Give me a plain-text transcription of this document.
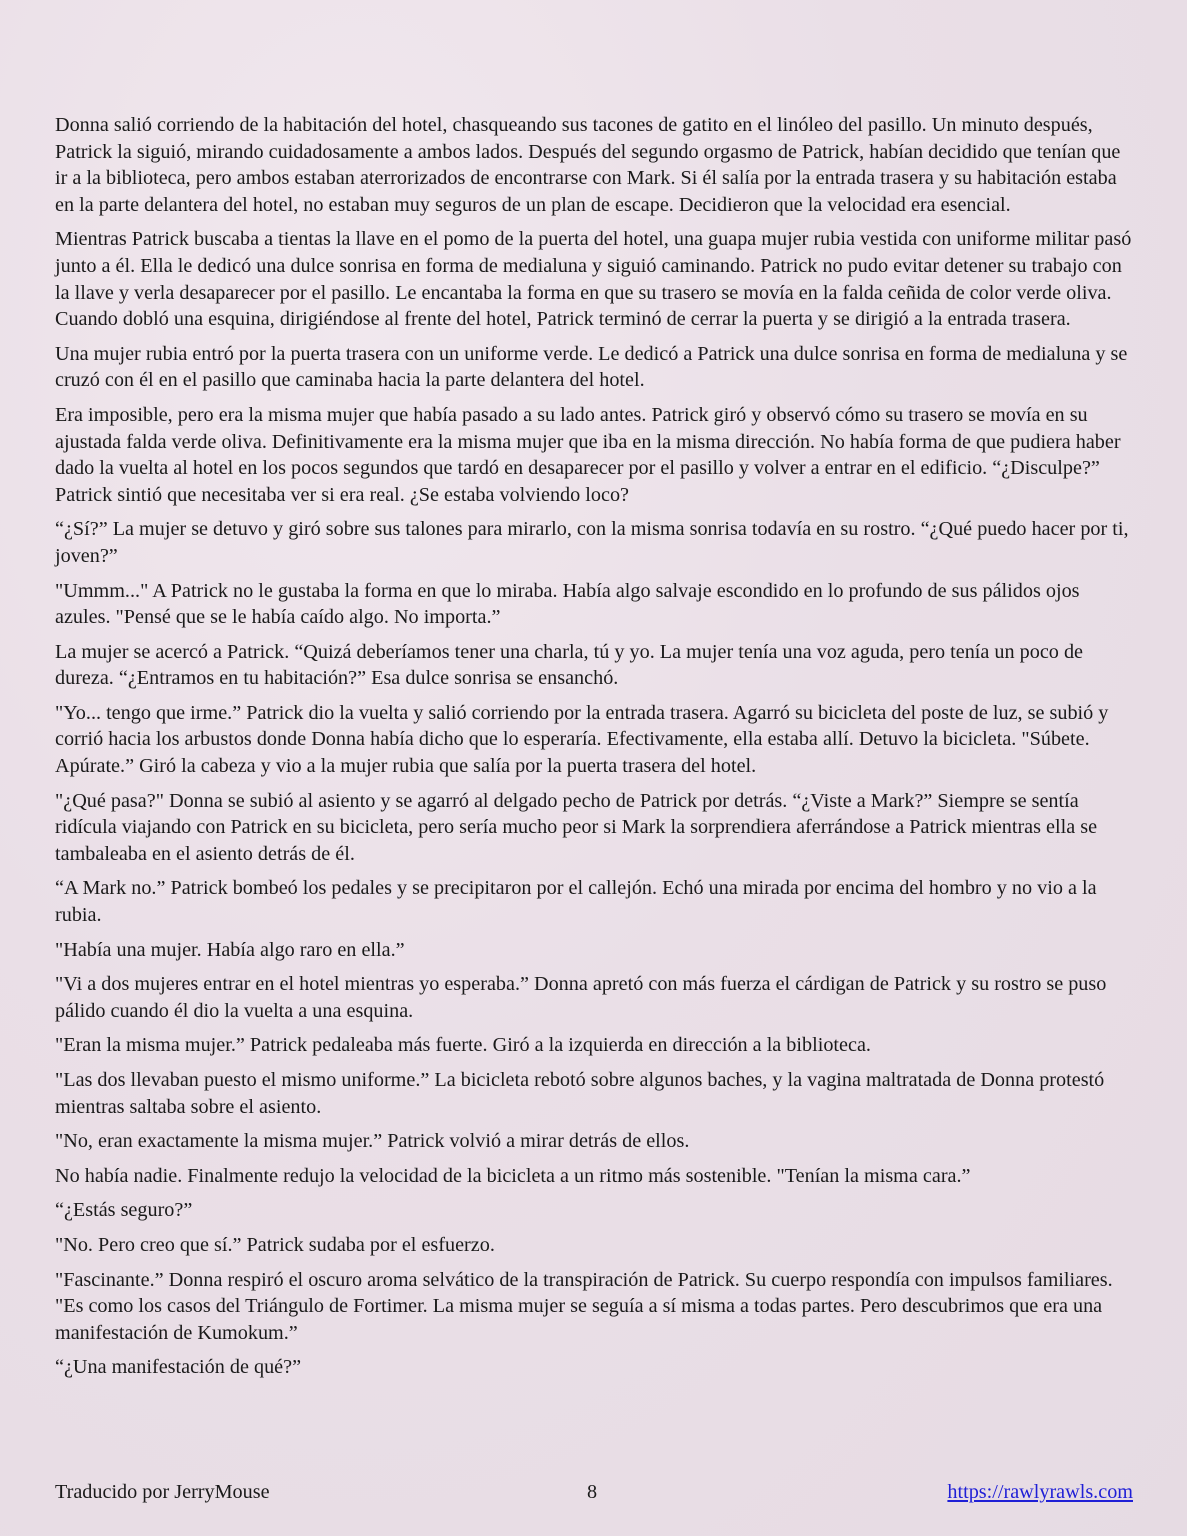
Donna salió corriendo de la habitación del hotel, chasqueando sus tacones de gatito en el linóleo del pasillo. Un minuto después, Patrick la siguió, mirando cuidadosamente a ambos lados. Después del segundo orgasmo de Patrick, habían decidido que tenían que ir a la biblioteca, pero ambos estaban aterrorizados de encontrarse con Mark. Si él salía por la entrada trasera y su habitación estaba en la parte delantera del hotel, no estaban muy seguros de un plan de escape. Decidieron que la velocidad era esencial.

Mientras Patrick buscaba a tientas la llave en el pomo de la puerta del hotel, una guapa mujer rubia vestida con uniforme militar pasó junto a él. Ella le dedicó una dulce sonrisa en forma de medialuna y siguió caminando. Patrick no pudo evitar detener su trabajo con la llave y verla desaparecer por el pasillo. Le encantaba la forma en que su trasero se movía en la falda ceñida de color verde oliva. Cuando dobló una esquina, dirigiéndose al frente del hotel, Patrick terminó de cerrar la puerta y se dirigió a la entrada trasera.

Una mujer rubia entró por la puerta trasera con un uniforme verde. Le dedicó a Patrick una dulce sonrisa en forma de medialuna y se cruzó con él en el pasillo que caminaba hacia la parte delantera del hotel.

Era imposible, pero era la misma mujer que había pasado a su lado antes. Patrick giró y observó cómo su trasero se movía en su ajustada falda verde oliva. Definitivamente era la misma mujer que iba en la misma dirección. No había forma de que pudiera haber dado la vuelta al hotel en los pocos segundos que tardó en desaparecer por el pasillo y volver a entrar en el edificio. “¿Disculpe?” Patrick sintió que necesitaba ver si era real. ¿Se estaba volviendo loco?

“¿Sí?” La mujer se detuvo y giró sobre sus talones para mirarlo, con la misma sonrisa todavía en su rostro. “¿Qué puedo hacer por ti, joven?”

"Ummm..." A Patrick no le gustaba la forma en que lo miraba. Había algo salvaje escondido en lo profundo de sus pálidos ojos azules. "Pensé que se le había caído algo. No importa.”

La mujer se acercó a Patrick. “Quizá deberíamos tener una charla, tú y yo. La mujer tenía una voz aguda, pero tenía un poco de dureza. “¿Entramos en tu habitación?” Esa dulce sonrisa se ensanchó.

"Yo... tengo que irme.” Patrick dio la vuelta y salió corriendo por la entrada trasera. Agarró su bicicleta del poste de luz, se subió y corrió hacia los arbustos donde Donna había dicho que lo esperaría. Efectivamente, ella estaba allí. Detuvo la bicicleta. "Súbete. Apúrate.” Giró la cabeza y vio a la mujer rubia que salía por la puerta trasera del hotel.

"¿Qué pasa?" Donna se subió al asiento y se agarró al delgado pecho de Patrick por detrás. “¿Viste a Mark?” Siempre se sentía ridícula viajando con Patrick en su bicicleta, pero sería mucho peor si Mark la sorprendiera aferrándose a Patrick mientras ella se tambaleaba en el asiento detrás de él.

“A Mark no.” Patrick bombeó los pedales y se precipitaron por el callejón. Echó una mirada por encima del hombro y no vio a la rubia.

"Había una mujer. Había algo raro en ella.”

"Vi a dos mujeres entrar en el hotel mientras yo esperaba.” Donna apretó con más fuerza el cárdigan de Patrick y su rostro se puso pálido cuando él dio la vuelta a una esquina.

"Eran la misma mujer.” Patrick pedaleaba más fuerte. Giró a la izquierda en dirección a la biblioteca.

"Las dos llevaban puesto el mismo uniforme.” La bicicleta rebotó sobre algunos baches, y la vagina maltratada de Donna protestó mientras saltaba sobre el asiento.

"No, eran exactamente la misma mujer.” Patrick volvió a mirar detrás de ellos.

No había nadie. Finalmente redujo la velocidad de la bicicleta a un ritmo más sostenible. "Tenían la misma cara.”

“¿Estás seguro?”

"No. Pero creo que sí.” Patrick sudaba por el esfuerzo.

"Fascinante.” Donna respiró el oscuro aroma selvático de la transpiración de Patrick. Su cuerpo respondía con impulsos familiares. "Es como los casos del Triángulo de Fortimer. La misma mujer se seguía a sí misma a todas partes. Pero descubrimos que era una manifestación de Kumokum.”

“¿Una manifestación de qué?”

Traducido por JerryMouse	8	https://rawlyrawls.com
